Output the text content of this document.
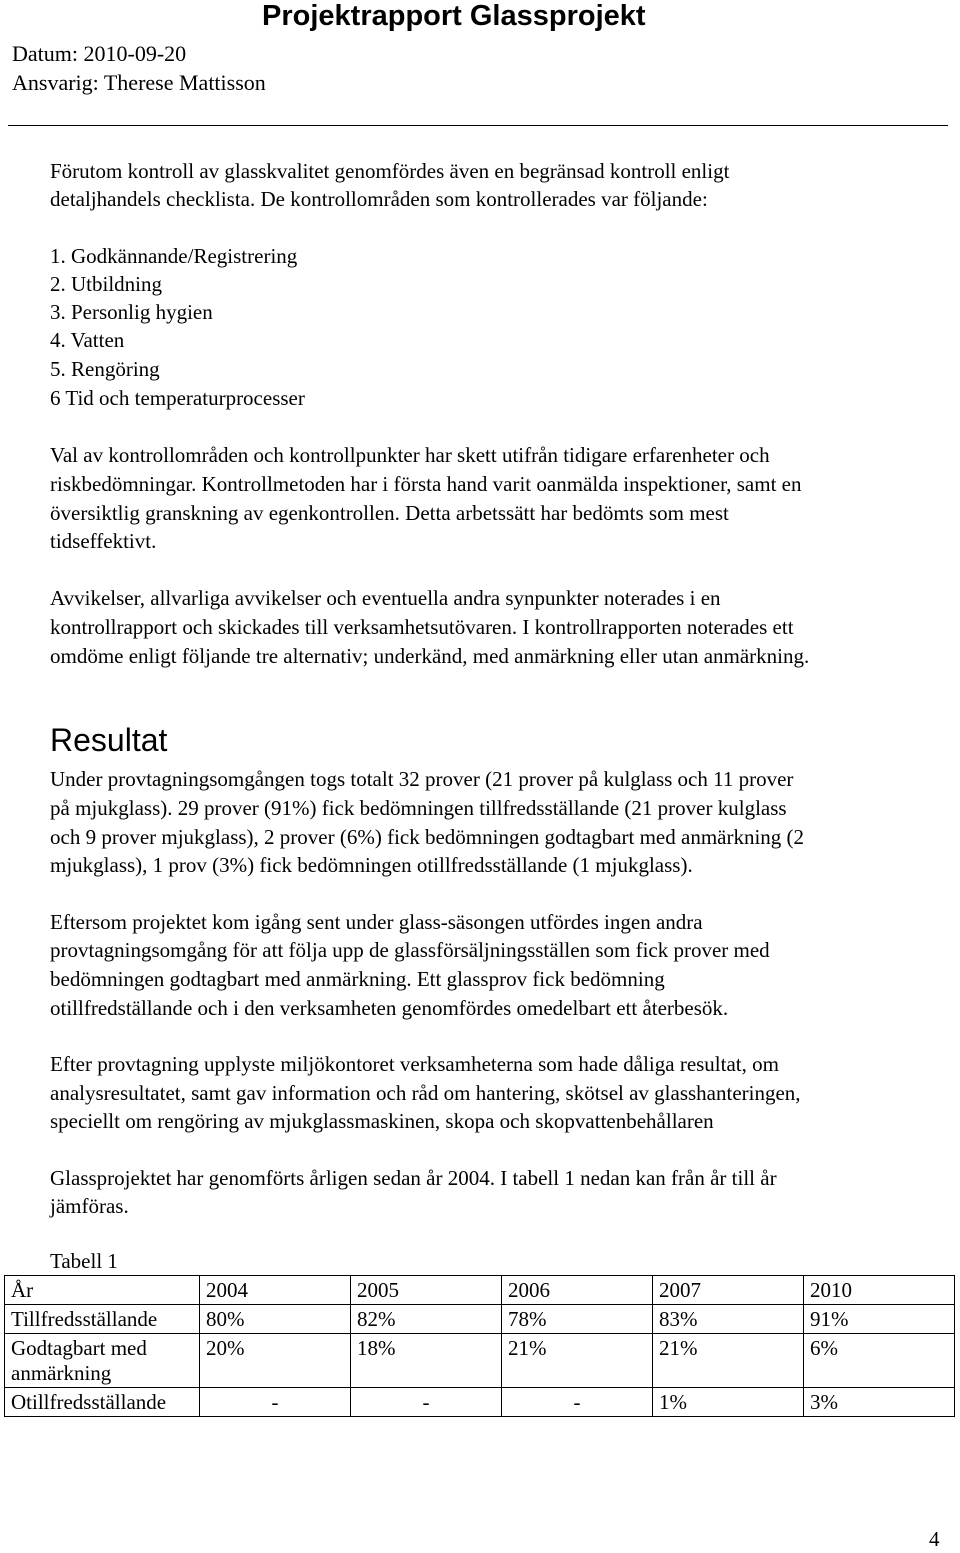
Projektrapport Glassprojekt
Datum: 2010-09-20
Ansvarig: Therese Mattisson
Förutom kontroll av glasskvalitet genomfördes även en begränsad kontroll enligt
detaljhandels checklista. De kontrollområden som kontrollerades var följande:
1. Godkännande/Registrering
2. Utbildning
3. Personlig hygien
4. Vatten
5. Rengöring
6 Tid och temperaturprocesser
Val av kontrollområden och kontrollpunkter har skett utifrån tidigare erfarenheter och
riskbedömningar. Kontrollmetoden har i första hand varit oanmälda inspektioner, samt en
översiktlig granskning av egenkontrollen. Detta arbetssätt har bedömts som mest
tidseffektivt.
Avvikelser, allvarliga avvikelser och eventuella andra synpunkter noterades i en
kontrollrapport och skickades till verksamhetsutövaren. I kontrollrapporten noterades ett
omdöme enligt följande tre alternativ; underkänd, med anmärkning eller utan anmärkning.
Resultat
Under provtagningsomgången togs totalt 32 prover (21 prover på kulglass och 11 prover
på mjukglass). 29 prover (91%) fick bedömningen tillfredsställande (21 prover kulglass
och 9 prover mjukglass), 2 prover (6%) fick bedömningen godtagbart med anmärkning (2
mjukglass), 1 prov (3%) fick bedömningen otillfredsställande (1 mjukglass).
Eftersom projektet kom igång sent under glass-säsongen utfördes ingen andra
provtagningsomgång för att följa upp de glassförsäljningsställen som fick prover med
bedömningen godtagbart med anmärkning. Ett glassprov fick bedömning
otillfredställande och i den verksamheten genomfördes omedelbart ett återbesök.
Efter provtagning upplyste miljökontoret verksamheterna som hade dåliga resultat, om
analysresultatet, samt gav information och råd om hantering, skötsel av glasshanteringen,
speciellt om rengöring av mjukglassmaskinen, skopa och skopvattenbehållaren
Glassprojektet har genomförts årligen sedan år 2004. I tabell 1 nedan kan från år till år
jämföras.
Tabell 1
År	2004	2005	2006	2007	2010
Tillfredsställande	80%	82%	78%	83%	91%
Godtagbart med
anmärkning	20%	18%	21%	21%	6%
Otillfredsställande	-	-	-	1%	3%
4
